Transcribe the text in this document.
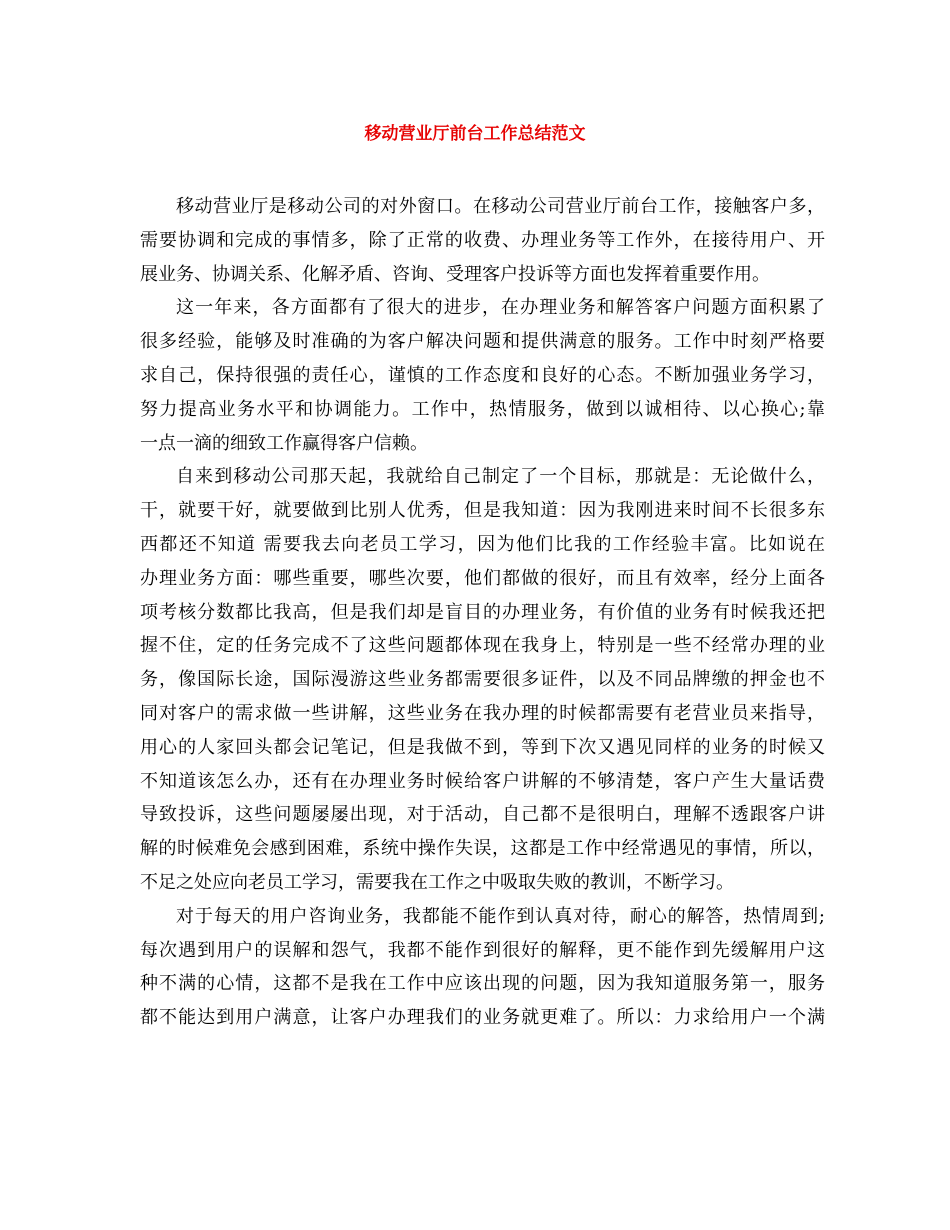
移动营业厅前台工作总结范文
移动营业厅是移动公司的对外窗口。在移动公司营业厅前台工作，接触客户多，
需要协调和完成的事情多，除了正常的收费、办理业务等工作外，在接待用户、开
展业务、协调关系、化解矛盾、咨询、受理客户投诉等方面也发挥着重要作用。
这一年来，各方面都有了很大的进步，在办理业务和解答客户问题方面积累了
很多经验，能够及时准确的为客户解决问题和提供满意的服务。工作中时刻严格要
求自己，保持很强的责任心，谨慎的工作态度和良好的心态。不断加强业务学习，
努力提高业务水平和协调能力。工作中，热情服务，做到以诚相待、以心换心;靠
一点一滴的细致工作赢得客户信赖。
自来到移动公司那天起，我就给自己制定了一个目标，那就是：无论做什么，
干，就要干好，就要做到比别人优秀，但是我知道：因为我刚进来时间不长很多东
西都还不知道 需要我去向老员工学习，因为他们比我的工作经验丰富。比如说在
办理业务方面：哪些重要，哪些次要，他们都做的很好，而且有效率，经分上面各
项考核分数都比我高，但是我们却是盲目的办理业务，有价值的业务有时候我还把
握不住，定的任务完成不了这些问题都体现在我身上，特别是一些不经常办理的业
务，像国际长途，国际漫游这些业务都需要很多证件，以及不同品牌缴的押金也不
同对客户的需求做一些讲解，这些业务在我办理的时候都需要有老营业员来指导，
用心的人家回头都会记笔记，但是我做不到，等到下次又遇见同样的业务的时候又
不知道该怎么办，还有在办理业务时候给客户讲解的不够清楚，客户产生大量话费
导致投诉，这些问题屡屡出现，对于活动，自己都不是很明白，理解不透跟客户讲
解的时候难免会感到困难，系统中操作失误，这都是工作中经常遇见的事情，所以，
不足之处应向老员工学习，需要我在工作之中吸取失败的教训，不断学习。
对于每天的用户咨询业务，我都能不能作到认真对待，耐心的解答，热情周到;
每次遇到用户的误解和怨气，我都不能作到很好的解释，更不能作到先缓解用户这
种不满的心情，这都不是我在工作中应该出现的问题，因为我知道服务第一，服务
都不能达到用户满意，让客户办理我们的业务就更难了。所以：力求给用户一个满
